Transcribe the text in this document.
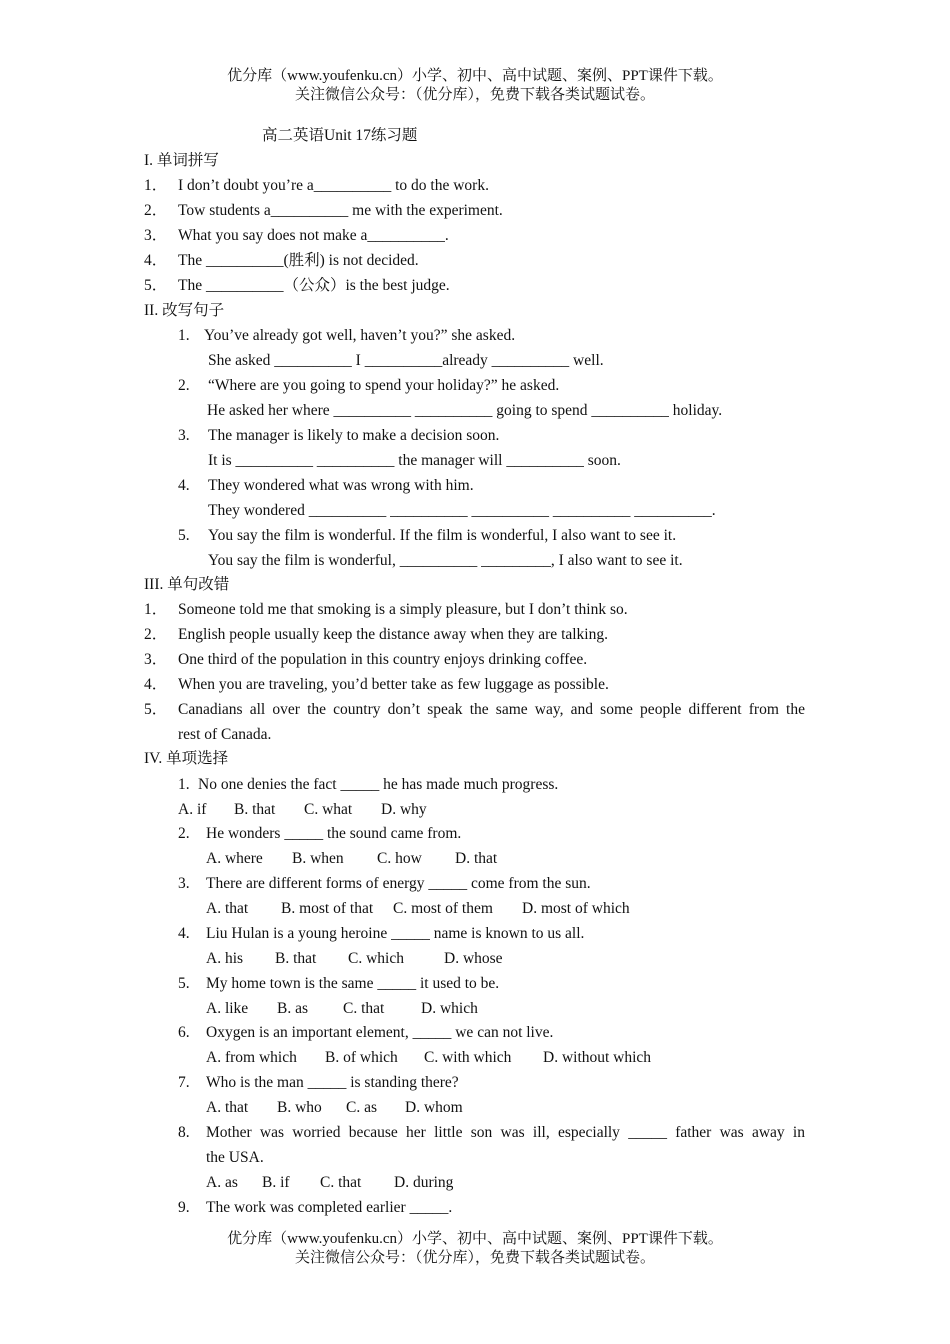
优分库（www.youfenku.cn）小学、初中、高中试题、案例、PPT课件下载。
关注微信公众号：（优分库），免费下载各类试题试卷。
高二英语Unit 17练习题
I. 单词拼写
1． I don’t doubt you’re a__________ to do the work.
2． Tow students a__________ me with the experiment.
3． What you say does not make a__________.
4． The __________(胜利) is not decided.
5． The __________（公众）is the best judge.
II. 改写句子
1. You’ve already got well, haven’t you?” she asked.
She asked __________ I __________already __________ well.
2. “Where are you going to spend your holiday?” he asked.
He asked her where __________ __________ going to spend __________ holiday.
3. The manager is likely to make a decision soon.
It is __________ __________ the manager will __________ soon.
4. They wondered what was wrong with him.
They wondered __________ __________ __________ __________ __________.
5. You say the film is wonderful. If the film is wonderful, I also want to see it.
You say the film is wonderful, __________ _________, I also want to see it.
III. 单句改错
1． Someone told me that smoking is a simply pleasure, but I don’t think so.
2． English people usually keep the distance away when they are talking.
3． One third of the population in this country enjoys drinking coffee.
4． When you are traveling, you’d better take as few luggage as possible.
5． Canadians all over the country don’t speak the same way, and some people different from the
rest of Canada.
IV. 单项选择
1. No one denies the fact _____ he has made much progress.
A. if B. that C. what D. why
2. He wonders _____ the sound came from.
A. where B. when C. how D. that
3. There are different forms of energy _____ come from the sun.
A. that B. most of that C. most of them D. most of which
4. Liu Hulan is a young heroine _____ name is known to us all.
A. his B. that C. which	D. whose
5. My home town is the same _____ it used to be.
A. like B. as C. that D. which
6. Oxygen is an important element, _____ we can not live.
A. from which B. of which C. with which D. without which
7. Who is the man _____ is standing there?
A. that B. who C. as D. whom
8. Mother was worried because her little son was ill, especially _____ father was away in
the USA.
A. as B. if C. that D. during
9. The work was completed earlier _____.
优分库（www.youfenku.cn）小学、初中、高中试题、案例、PPT课件下载。
关注微信公众号：（优分库），免费下载各类试题试卷。
